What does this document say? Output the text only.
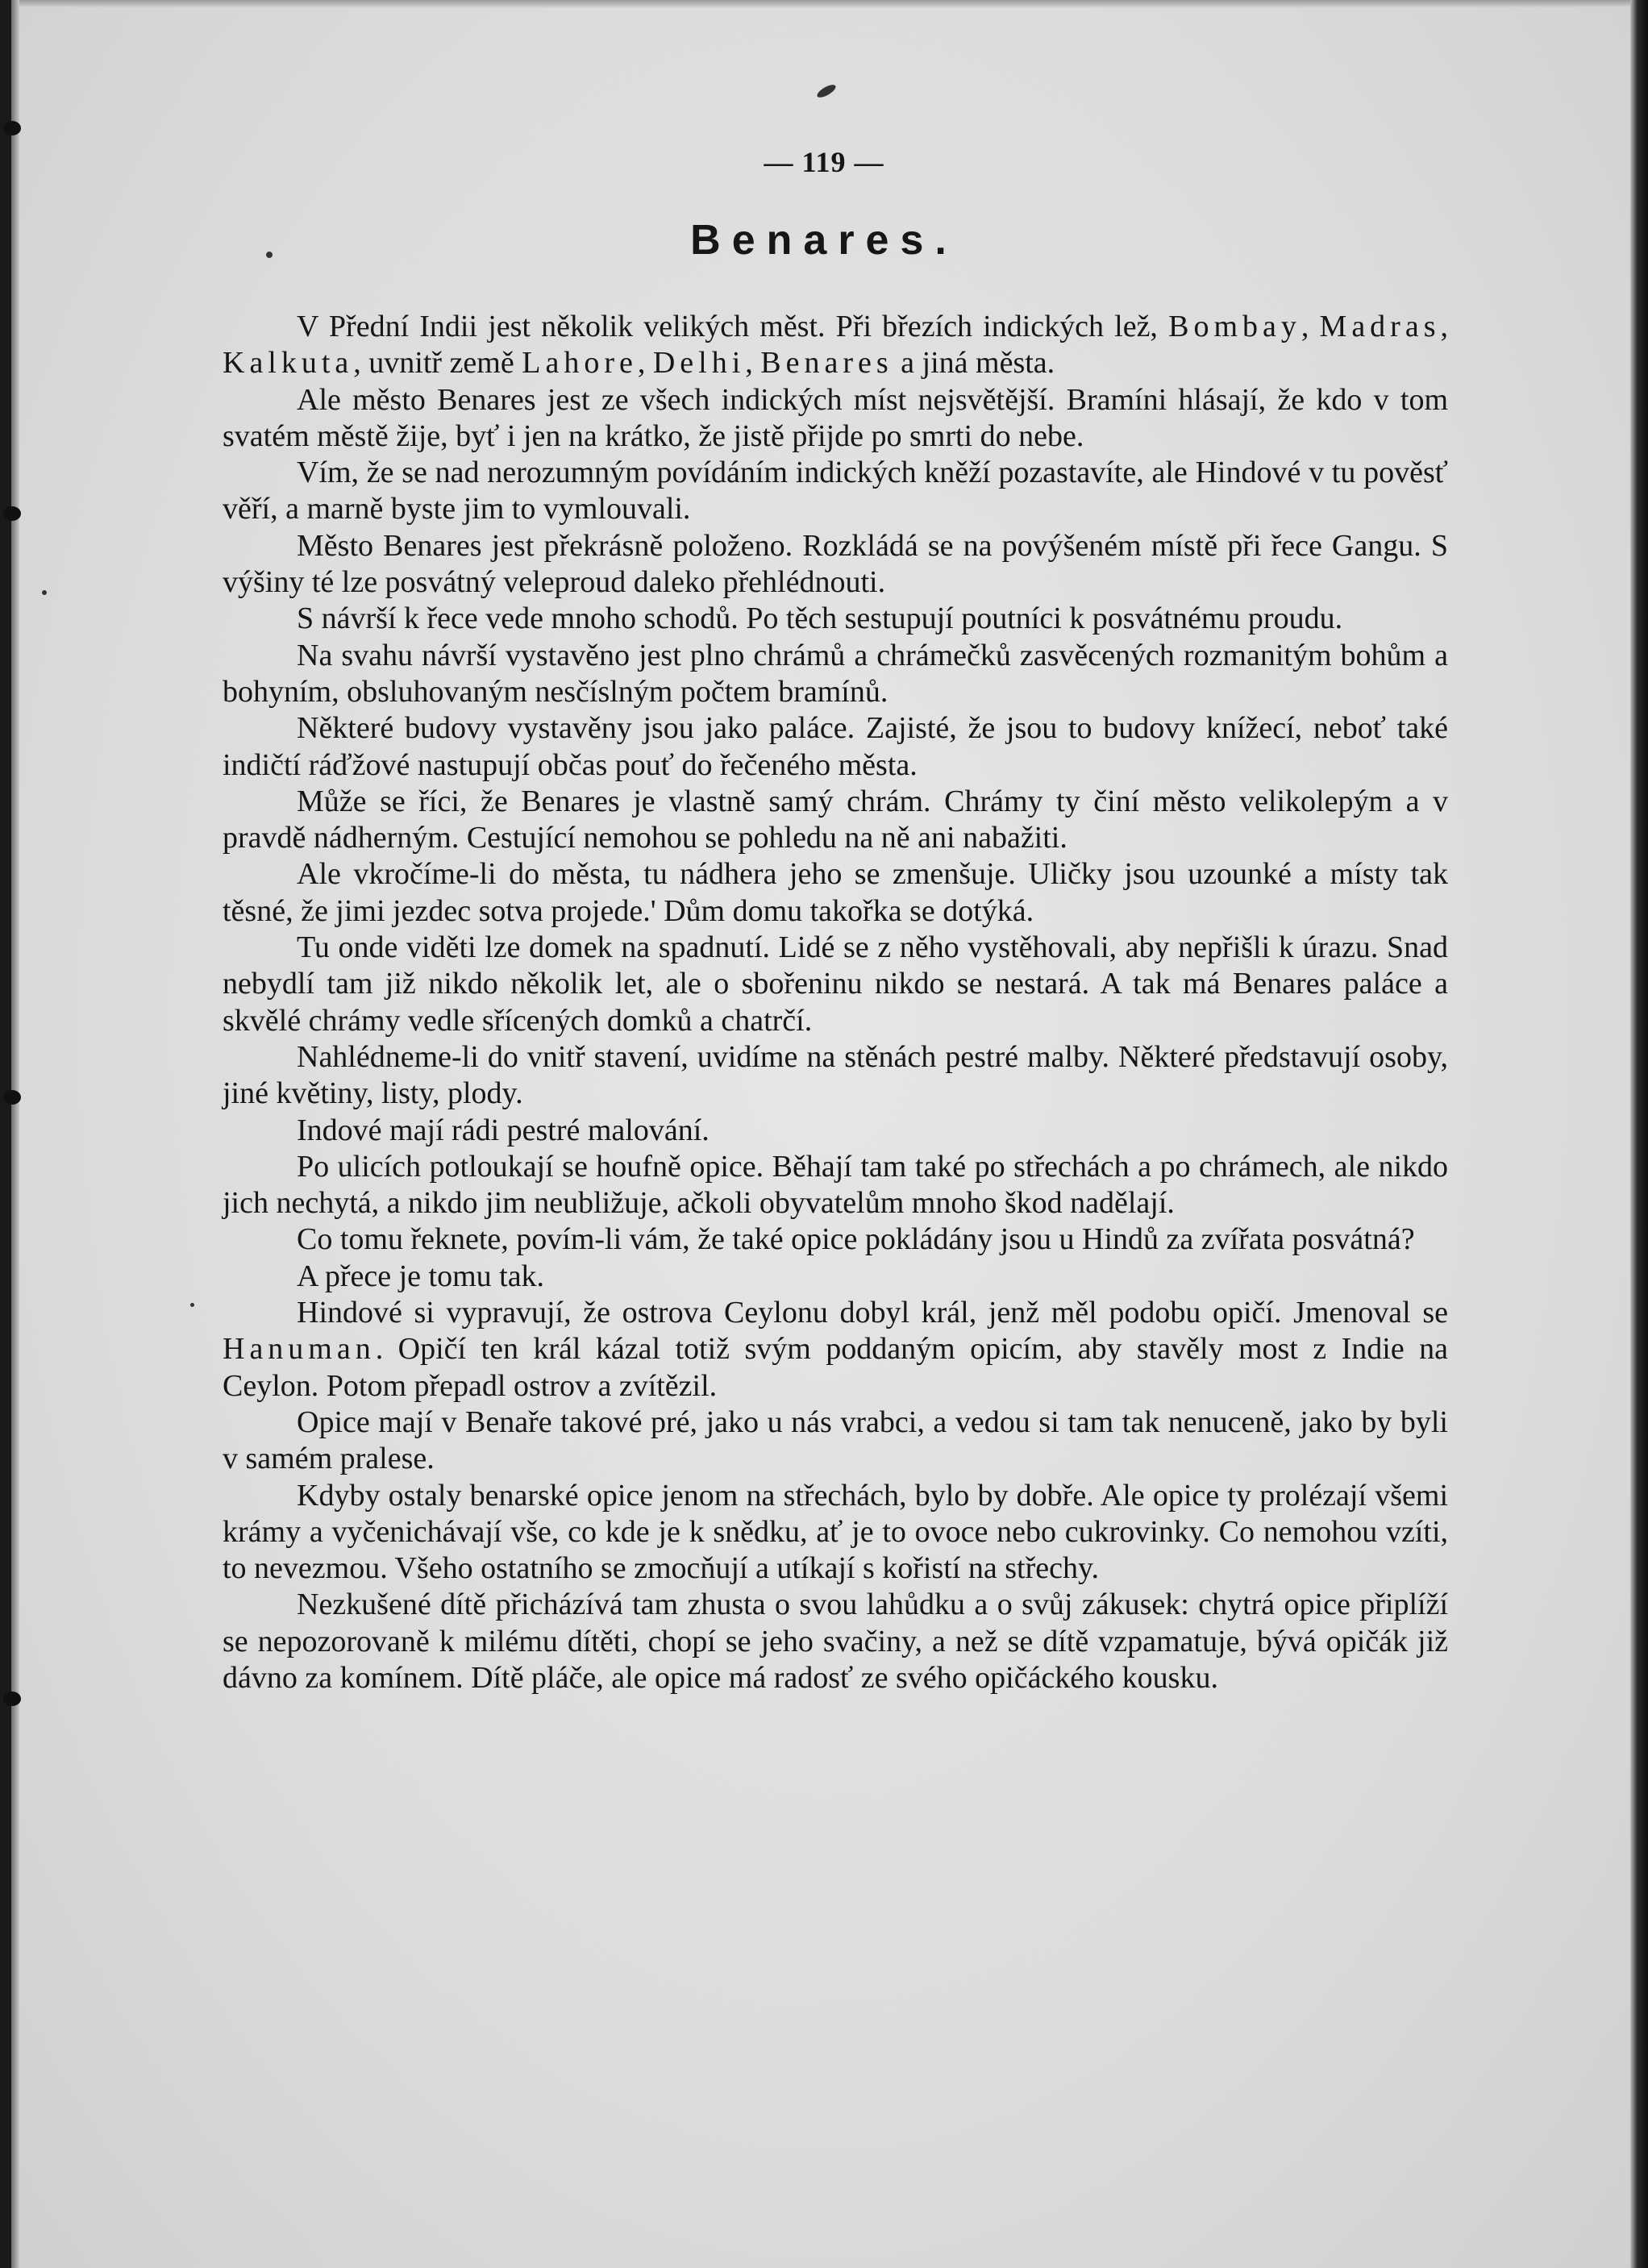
— 119 —
Benares.

V Přední Indii jest několik velikých měst. Při březích indických lež, Bombay, Madras, Kalkuta, uvnitř země Lahore, Delhi, Benares a jiná města.

Ale město Benares jest ze všech indických míst nejsvětější. Bramíni hlásají, že kdo v tom svatém městě žije, byť i jen na krátko, že jistě přijde po smrti do nebe.

Vím, že se nad nerozumným povídáním indických kněží pozastavíte, ale Hindové v tu pověsť věří, a marně byste jim to vymlouvali.

Město Benares jest překrásně položeno. Rozkládá se na povýšeném místě při řece Gangu. S výšiny té lze posvátný veleproud daleko přehlédnouti.

S návrší k řece vede mnoho schodů. Po těch sestupují poutníci k posvátnému proudu.

Na svahu návrší vystavěno jest plno chrámů a chrámečků zasvěcených rozmanitým bohům a bohyním, obsluhovaným nesčíslným počtem bramínů.

Některé budovy vystavěny jsou jako paláce. Zajisté, že jsou to budovy knížecí, neboť také indičtí ráďžové nastupují občas pouť do řečeného města.

Může se říci, že Benares je vlastně samý chrám. Chrámy ty činí město velikolepým a v pravdě nádherným. Cestující nemohou se pohledu na ně ani nabažiti.

Ale vkročíme-li do města, tu nádhera jeho se zmenšuje. Uličky jsou uzounké a místy tak těsné, že jimi jezdec sotva projede.' Dům domu takořka se dotýká.

Tu onde viděti lze domek na spadnutí. Lidé se z něho vystěhovali, aby nepřišli k úrazu. Snad nebydlí tam již nikdo několik let, ale o sbořeninu nikdo se nestará. A tak má Benares paláce a skvělé chrámy vedle sřícených domků a chatrčí.

Nahlédneme-li do vnitř stavení, uvidíme na stěnách pestré malby. Některé představují osoby, jiné květiny, listy, plody.

Indové mají rádi pestré malování.

Po ulicích potloukají se houfně opice. Běhají tam také po střechách a po chrámech, ale nikdo jich nechytá, a nikdo jim neubližuje, ačkoli obyvatelům mnoho škod nadělají.

Co tomu řeknete, povím-li vám, že také opice pokládány jsou u Hindů za zvířata posvátná?

A přece je tomu tak.

Hindové si vypravují, že ostrova Ceylonu dobyl král, jenž měl podobu opičí. Jmenoval se Hanuman. Opičí ten král kázal totiž svým poddaným opicím, aby stavěly most z Indie na Ceylon. Potom přepadl ostrov a zvítězil.

Opice mají v Benaře takové pré, jako u nás vrabci, a vedou si tam tak nenuceně, jako by byli v samém pralese.

Kdyby ostaly benarské opice jenom na střechách, bylo by dobře. Ale opice ty prolézají všemi krámy a vyčenichávají vše, co kde je k snědku, ať je to ovoce nebo cukrovinky. Co nemohou vzíti, to nevezmou. Všeho ostatního se zmocňují a utíkají s kořistí na střechy.

Nezkušené dítě přicházívá tam zhusta o svou lahůdku a o svůj zákusek: chytrá opice připlíží se nepozorovaně k milému dítěti, chopí se jeho svačiny, a než se dítě vzpamatuje, bývá opičák již dávno za komínem. Dítě pláče, ale opice má radosť ze svého opičáckého kousku.
